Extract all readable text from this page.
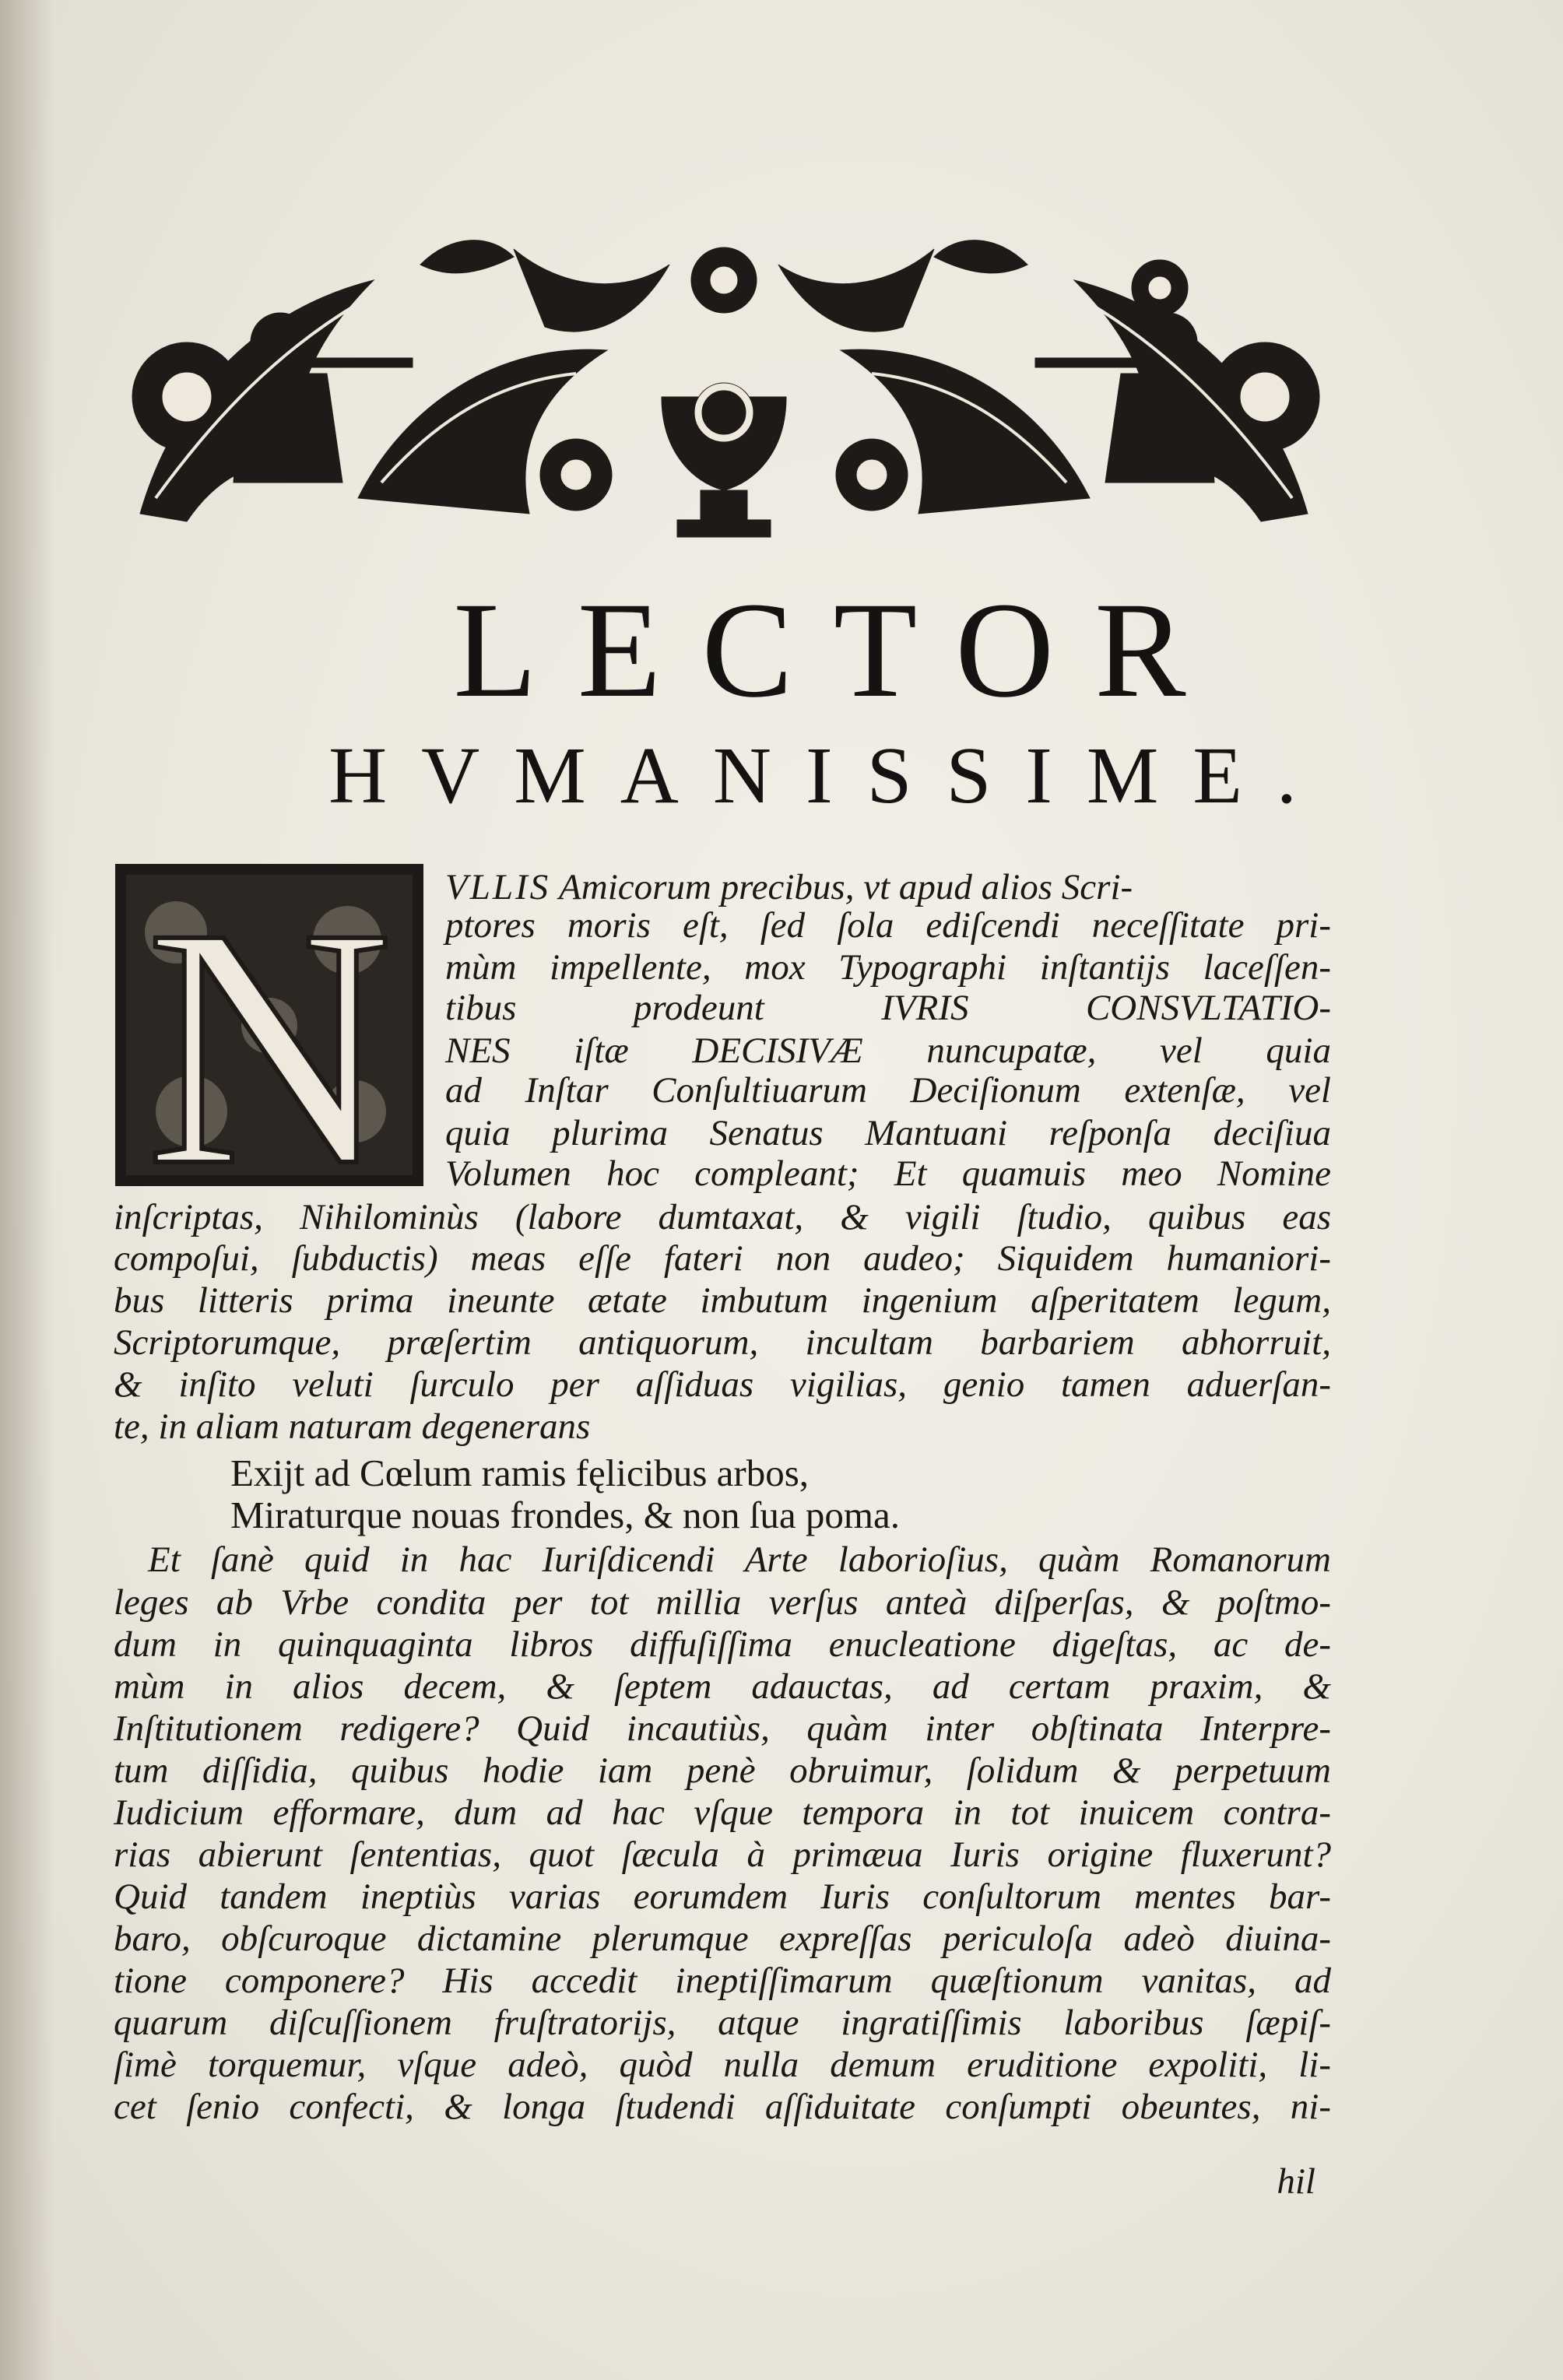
LECTOR
HVMANISSIME.
N VLLIS Amicorum precibus, vt apud alios Scri-
ptores moris eſt, ſed ſola ediſcendi neceſſitate pri-
mùm impellente, mox Typographi inſtantijs laceſſen-
tibus prodeunt IVRIS CONSVLTATIO-
NES iſtæ DECISIVÆ nuncupatæ, vel quia
ad Inſtar Conſultiuarum Deciſionum extenſæ, vel
quia plurima Senatus Mantuani reſponſa deciſiua
Volumen hoc compleant; Et quamuis meo Nomine
inſcriptas, Nihilominùs (labore dumtaxat, & vigili ſtudio, quibus eas
compoſui, ſubductis) meas eſſe fateri non audeo; Siquidem humaniori-
bus litteris prima ineunte ætate imbutum ingenium aſperitatem legum,
Scriptorumque, præſertim antiquorum, incultam barbariem abhorruit,
& inſito veluti ſurculo per aſſiduas vigilias, genio tamen aduerſan-
te, in aliam naturam degenerans
Exijt ad Cœlum ramis fęlicibus arbos,
Miraturque nouas frondes, & non ſua poma.
Et ſanè quid in hac Iuriſdicendi Arte laborioſius, quàm Romanorum
leges ab Vrbe condita per tot millia verſus anteà diſperſas, & poſtmo-
dum in quinquaginta libros diffuſiſſima enucleatione digeſtas, ac de-
mùm in alios decem, & ſeptem adauctas, ad certam praxim, &
Inſtitutionem redigere? Quid incautiùs, quàm inter obſtinata Interpre-
tum diſſidia, quibus hodie iam penè obruimur, ſolidum & perpetuum
Iudicium efformare, dum ad hac vſque tempora in tot inuicem contra-
rias abierunt ſententias, quot ſæcula à primæua Iuris origine fluxerunt?
Quid tandem ineptiùs varias eorumdem Iuris conſultorum mentes bar-
baro, obſcuroque dictamine plerumque expreſſas periculoſa adeò diuina-
tione componere? His accedit ineptiſſimarum quæſtionum vanitas, ad
quarum diſcuſſionem fruſtratorijs, atque ingratiſſimis laboribus ſæpiſ-
ſimè torquemur, vſque adeò, quòd nulla demum eruditione expoliti, li-
cet ſenio confecti, & longa ſtudendi aſſiduitate conſumpti obeuntes, ni-
hil
